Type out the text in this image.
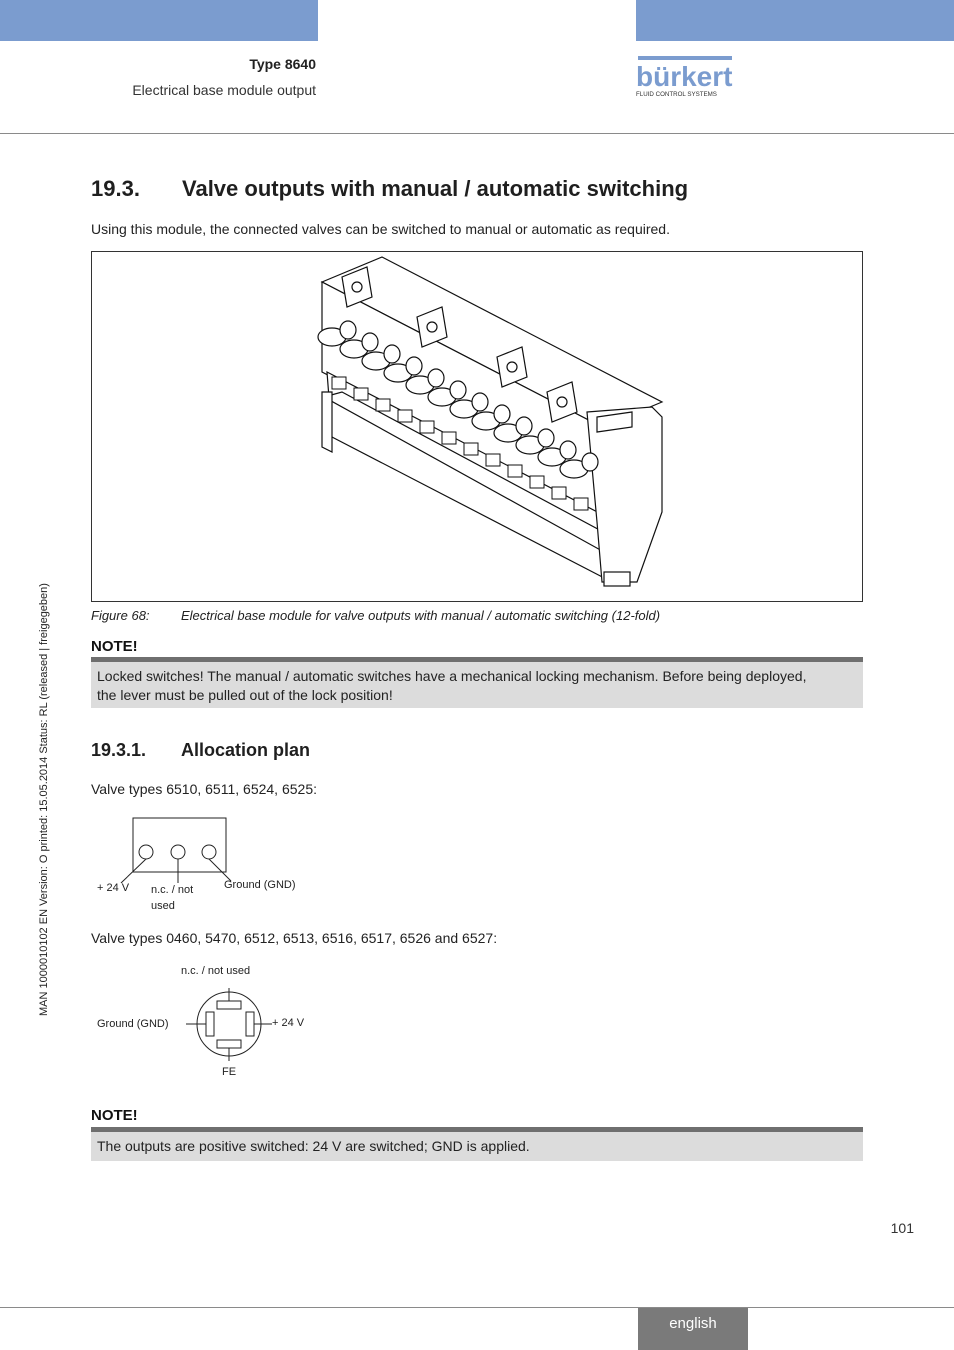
Type 8640
Electrical base module output	bürkert
FLUID CONTROL SYSTEMS
MAN 1000010102 EN Version: O printed: 15.05.2014 Status: RL (released | freigegeben)
19.3. Valve outputs with manual / automatic switching
Using this module, the connected valves can be switched to manual or automatic as required.
Figure 68: Electrical base module for valve outputs with manual / automatic switching (12-fold)
NOTE!
Locked switches! The manual / automatic switches have a mechanical locking mechanism. Before being deployed,
the lever must be pulled out of the lock position!
19.3.1. Allocation plan
Valve types 6510, 6511, 6524, 6525:
+ 24 V n.c. / not
used
Ground (GND)
Valve types 0460, 5470, 6512, 6513, 6516, 6517, 6526 and 6527:
n.c. / not used
Ground (GND)	+ 24 V
FE
NOTE!
The outputs are positive switched: 24 V are switched; GND is applied.
101
english
